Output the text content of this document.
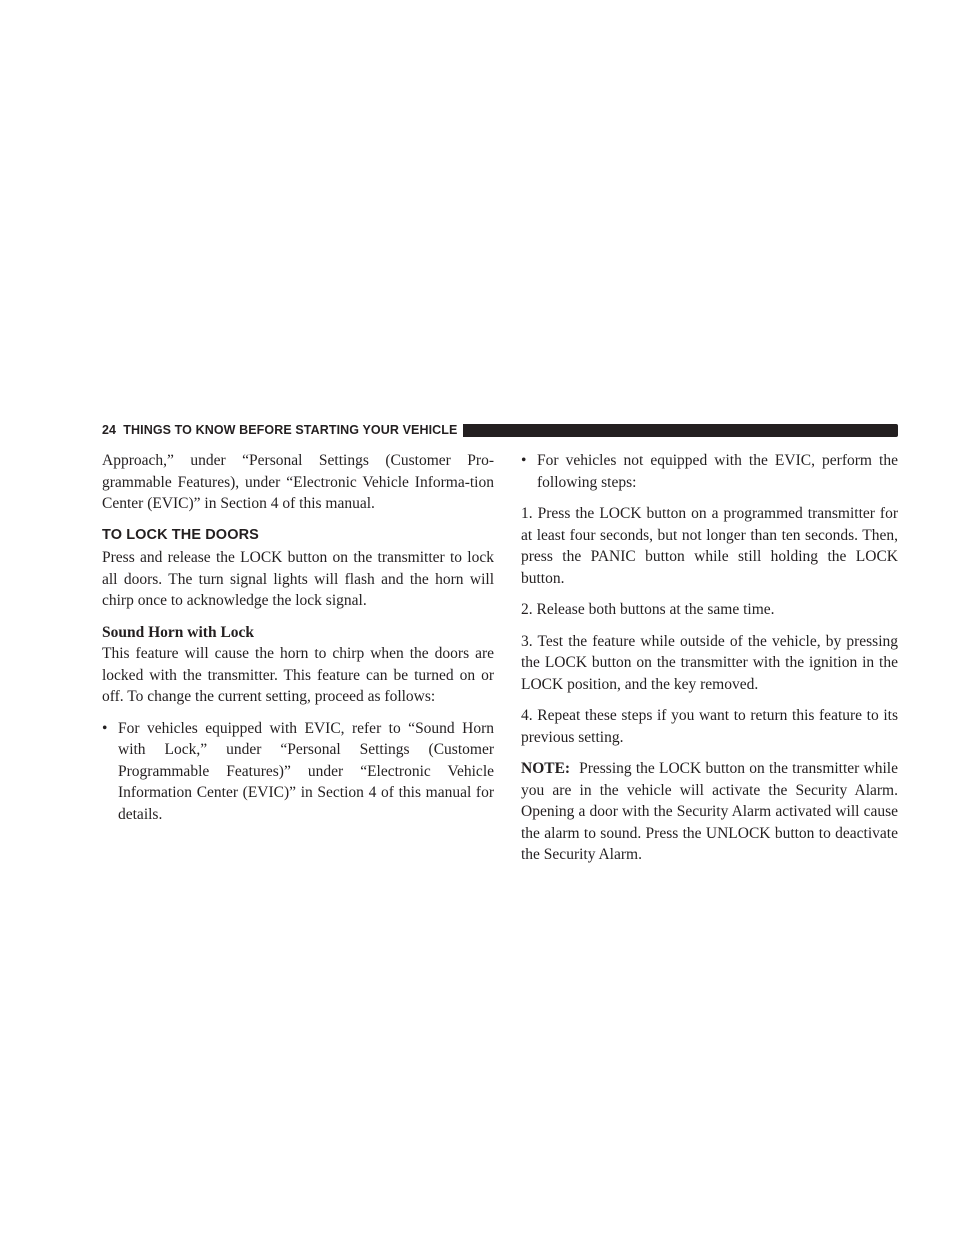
24 THINGS TO KNOW BEFORE STARTING YOUR VEHICLE

Approach,” under “Personal Settings (Customer Pro-grammable Features), under “Electronic Vehicle Informa-tion Center (EVIC)” in Section 4 of this manual.

TO LOCK THE DOORS

Press and release the LOCK button on the transmitter to lock all doors. The turn signal lights will flash and the horn will chirp once to acknowledge the lock signal.

Sound Horn with Lock

This feature will cause the horn to chirp when the doors are locked with the transmitter. This feature can be turned on or off. To change the current setting, proceed as follows:

• For vehicles equipped with EVIC, refer to “Sound Horn with Lock,” under “Personal Settings (Customer Programmable Features)” under “Electronic Vehicle Information Center (EVIC)” in Section 4 of this manual for details.
• For vehicles not equipped with the EVIC, perform the following steps:

1. Press the LOCK button on a programmed transmitter for at least four seconds, but not longer than ten seconds. Then, press the PANIC button while still holding the LOCK button.

2. Release both buttons at the same time.

3. Test the feature while outside of the vehicle, by pressing the LOCK button on the transmitter with the ignition in the LOCK position, and the key removed.

4. Repeat these steps if you want to return this feature to its previous setting.

NOTE: Pressing the LOCK button on the transmitter while you are in the vehicle will activate the Security Alarm. Opening a door with the Security Alarm activated will cause the alarm to sound. Press the UNLOCK button to deactivate the Security Alarm.
